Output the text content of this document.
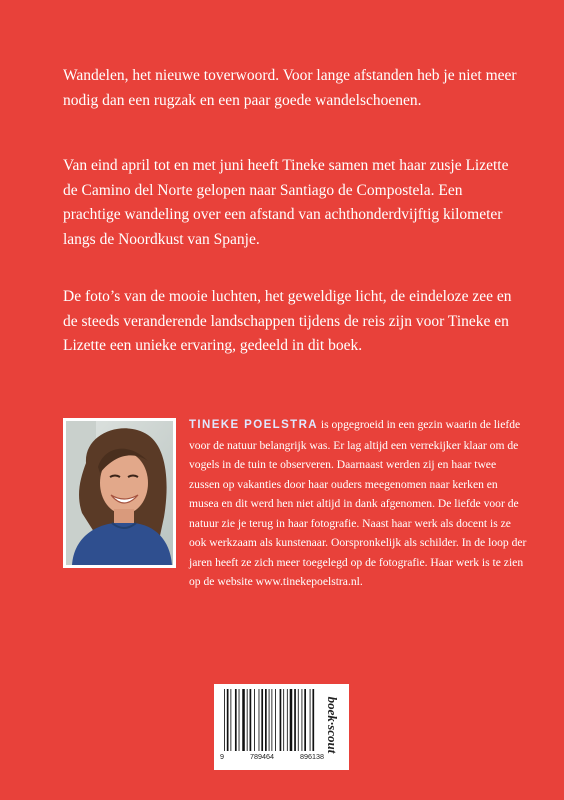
Wandelen, het nieuwe toverwoord. Voor lange afstanden heb je niet meer nodig dan een rugzak en een paar goede wandelschoenen.

Van eind april tot en met juni heeft Tineke samen met haar zusje Lizette de Camino del Norte gelopen naar Santiago de Compostela. Een prachtige wandeling over een afstand van achthonderdvijftig kilometer langs de Noordkust van Spanje.

De foto’s van de mooie luchten, het geweldige licht, de eindeloze zee en de steeds veranderende landschappen tijdens de reis zijn voor Tineke en Lizette een unieke ervaring, gedeeld in dit boek.

TINEKE POELSTRA is opgegroeid in een gezin waarin de liefde voor de natuur belangrijk was. Er lag altijd een verrekijker klaar om de vogels in de tuin te observeren. Daarnaast werden zij en haar twee zussen op vakanties door haar ouders meegenomen naar kerken en musea en dit werd hen niet altijd in dank afgenomen. De liefde voor de natuur zie je terug in haar fotografie. Naast haar werk als docent is ze ook werkzaam als kunstenaar. Oorspronkelijk als schilder. In de loop der jaren heeft ze zich meer toegelegd op de fotografie. Haar werk is te zien op de website www.tinekepoelstra.nl.

9	789464	896138
boek·scout
